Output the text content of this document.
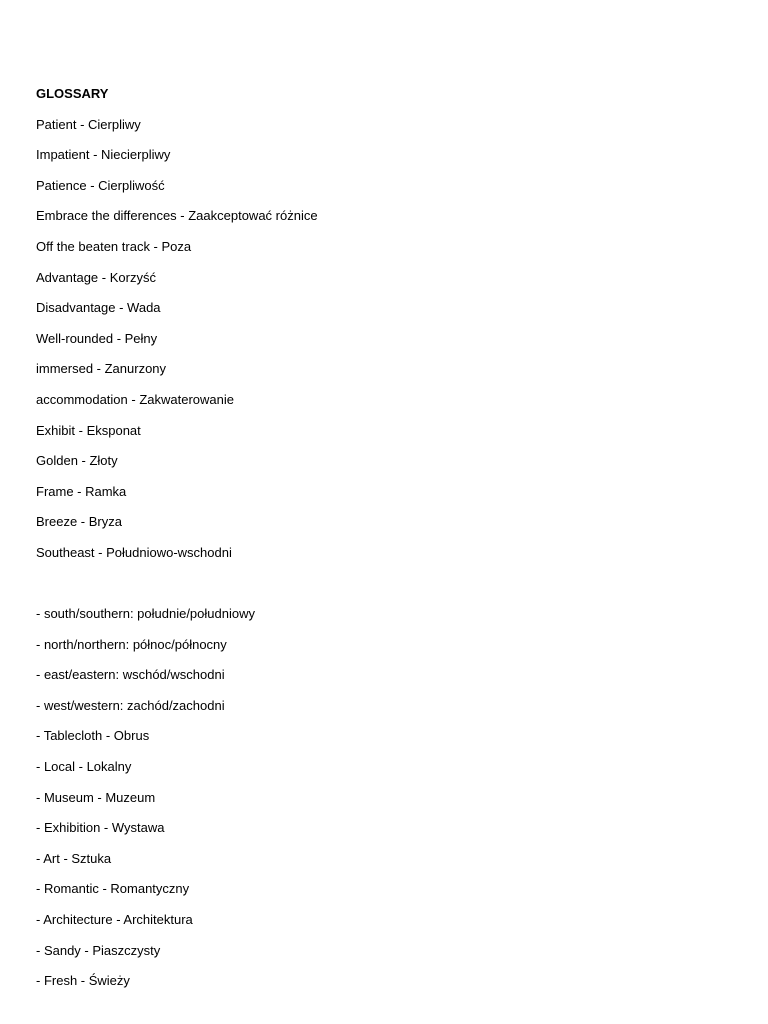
GLOSSARY
Patient - Cierpliwy
Impatient - Niecierpliwy
Patience - Cierpliwość
Embrace the differences - Zaakceptować różnice
Off the beaten track - Poza
Advantage - Korzyść
Disadvantage - Wada
Well-rounded - Pełny
immersed - Zanurzony
accommodation - Zakwaterowanie
Exhibit - Eksponat
Golden - Złoty
Frame - Ramka
Breeze - Bryza
Southeast - Południowo-wschodni
- south/southern: południe/południowy
- north/northern: północ/północny
- east/eastern: wschód/wschodni
- west/western: zachód/zachodni
- Tablecloth - Obrus
- Local - Lokalny
- Museum - Muzeum
- Exhibition - Wystawa
- Art - Sztuka
- Romantic - Romantyczny
- Architecture - Architektura
- Sandy - Piaszczysty
- Fresh - Świeży
